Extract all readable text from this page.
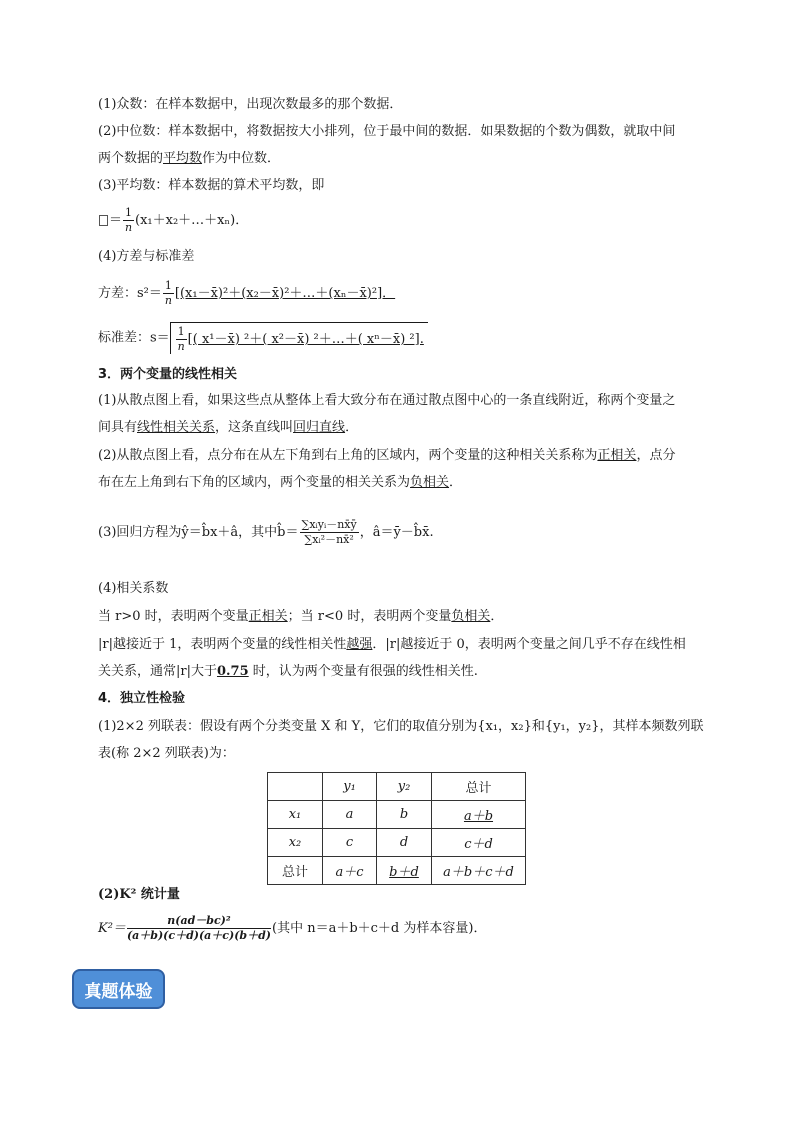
(1)众数：在样本数据中，出现次数最多的那个数据．
(2)中位数：样本数据中，将数据按大小排列，位于最中间的数据．如果数据的个数为偶数，就取中间
两个数据的平均数作为中位数．
(3)平均数：样本数据的算术平均数，即
＝ $\frac{1}{n}$ (x₁＋x₂＋…＋xₙ)．
(4)方差与标准差
方差：$s^2= \frac{1}{n}$ [(x₁－x̄)²＋(x₂－x̄)²＋…＋(xₙ－x̄)²]．
标准差：$s= \frac{1}{n}$ [( x¹－x̄) ²＋( x²－x̄) ²＋…＋( xⁿ－x̄) ²].
3．两个变量的线性相关
(1)从散点图上看，如果这些点从整体上看大致分布在通过散点图中心的一条直线附近，称两个变量之
间具有线性相关关系，这条直线叫回归直线．
(2)从散点图上看，点分布在从左下角到右上角的区域内，两个变量的这种相关关系称为正相关，点分
布在左上角到右下角的区域内，两个变量的相关关系为负相关．
(3)回归方程为ŷ＝b̂x＋â，其中b̂＝ $\frac{\text{∑xᵢyᵢ－nx̄ȳ}}{\text{∑xᵢ²－nx̄²}}$ ，â＝ȳ－b̂x̄.
(4)相关系数
当 r>0 时，表明两个变量正相关；当 r<0 时，表明两个变量负相关．
|r|越接近于 1，表明两个变量的线性相关性越强．|r|越接近于 0，表明两个变量之间几乎不存在线性相
关关系，通常|r|大于0.75 时，认为两个变量有很强的线性相关性.
4．独立性检验
(1)2×2 列联表：假设有两个分类变量 X 和 Y，它们的取值分别为{x₁，x₂}和{y₁，y₂}，其样本频数列联
表(称 2×2 列联表)为：
	y₁	y₂	总计
x₁	a	b	a＋b
x₂	c	d	c＋d
总计	a＋c	b＋d	a＋b＋c＋d
(2)K² 统计量
$K^2= \frac{\text{n(ad－bc)²}}{(a+b)(c+d)(a+c)(b+d)}$ (其中 n＝a＋b＋c＋d 为样本容量)．
真题体验
